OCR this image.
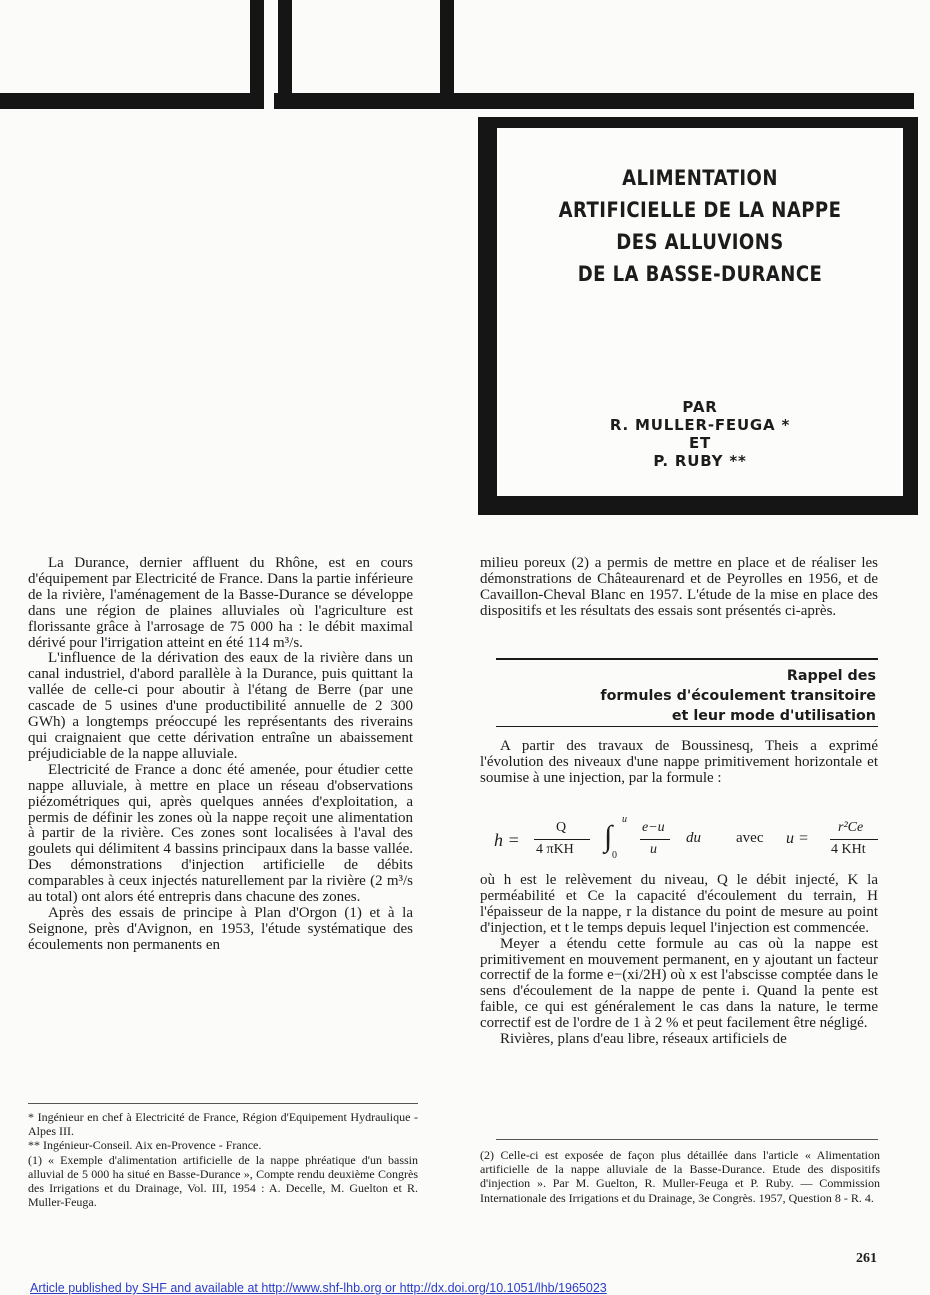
ALIMENTATION
ARTIFICIELLE DE LA NAPPE
DES ALLUVIONS
DE LA BASSE-DURANCE
PAR
R. MULLER-FEUGA *
ET
P. RUBY **

La Durance, dernier affluent du Rhône, est en cours d'équipement par Electricité de France. Dans la partie inférieure de la rivière, l'aménagement de la Basse-Durance se développe dans une région de plaines alluviales où l'agriculture est florissante grâce à l'arrosage de 75 000 ha : le débit maximal dérivé pour l'irrigation atteint en été 114 m³/s.

L'influence de la dérivation des eaux de la rivière dans un canal industriel, d'abord parallèle à la Durance, puis quittant la vallée de celle-ci pour aboutir à l'étang de Berre (par une cascade de 5 usines d'une productibilité annuelle de 2 300 GWh) a longtemps préoccupé les représentants des riverains qui craignaient que cette dérivation entraîne un abaissement préjudiciable de la nappe alluviale.

Electricité de France a donc été amenée, pour étudier cette nappe alluviale, à mettre en place un réseau d'observations piézométriques qui, après quelques années d'exploitation, a permis de définir les zones où la nappe reçoit une alimentation à partir de la rivière. Ces zones sont localisées à l'aval des goulets qui délimitent 4 bassins principaux dans la basse vallée. Des démonstrations d'injection artificielle de débits comparables à ceux injectés naturellement par la rivière (2 m³/s au total) ont alors été entrepris dans chacune des zones.

Après des essais de principe à Plan d'Orgon (1) et à la Seignone, près d'Avignon, en 1953, l'étude systématique des écoulements non permanents en

milieu poreux (2) a permis de mettre en place et de réaliser les démonstrations de Châteaurenard et de Peyrolles en 1956, et de Cavaillon-Cheval Blanc en 1957. L'étude de la mise en place des dispositifs et les résultats des essais sont présentés ci-après.

Rappel des
formules d'écoulement transitoire
et leur mode d'utilisation

A partir des travaux de Boussinesq, Theis a exprimé l'évolution des niveaux d'une nappe primitivement horizontale et soumise à une injection, par la formule :

h =
Q
4 πKH ∫
u
0
e−u
u
du avec u =
r²Ce
4 KHt

où h est le relèvement du niveau, Q le débit injecté, K la perméabilité et Ce la capacité d'écoulement du terrain, H l'épaisseur de la nappe, r la distance du point de mesure au point d'injection, et t le temps depuis lequel l'injection est commencée.

Meyer a étendu cette formule au cas où la nappe est primitivement en mouvement permanent, en y ajoutant un facteur correctif de la forme e−(xi/2H) où x est l'abscisse comptée dans le sens d'écoulement de la nappe de pente i. Quand la pente est faible, ce qui est généralement le cas dans la nature, le terme correctif est de l'ordre de 1 à 2 % et peut facilement être négligé.

Rivières, plans d'eau libre, réseaux artificiels de

* Ingénieur en chef à Electricité de France, Région d'Equipement Hydraulique - Alpes III.

** Ingénieur-Conseil. Aix en-Provence - France.

(1) « Exemple d'alimentation artificielle de la nappe phréatique d'un bassin alluvial de 5 000 ha situé en Basse-Durance », Compte rendu deuxième Congrès des Irrigations et du Drainage, Vol. III, 1954 : A. Decelle, M. Guelton et R. Muller-Feuga.

(2) Celle-ci est exposée de façon plus détaillée dans l'article « Alimentation artificielle de la nappe alluviale de la Basse-Durance. Etude des dispositifs d'injection ». Par M. Guelton, R. Muller-Feuga et P. Ruby. — Commission Internationale des Irrigations et du Drainage, 3e Congrès. 1957, Question 8 - R. 4.

261
Article published by SHF and available at http://www.shf-lhb.org or http://dx.doi.org/10.1051/lhb/1965023
